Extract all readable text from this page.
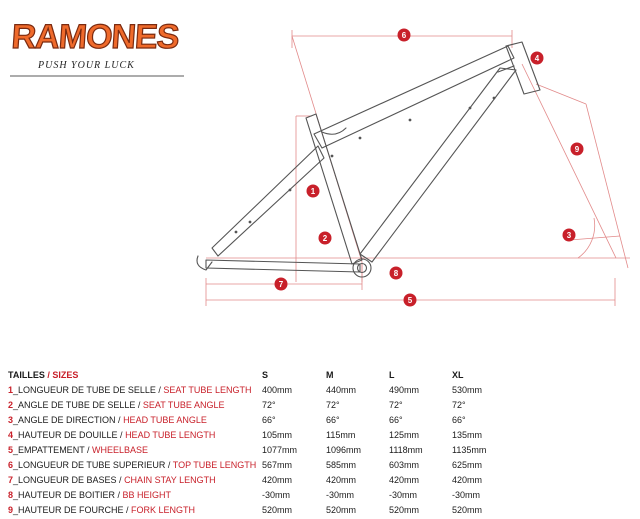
RAMONES
PUSH YOUR LUCK
1
2	3
4
5
6
7
8
9
TAILLES / SIZES	S	M	L	XL
1_LONGUEUR DE TUBE DE SELLE / SEAT TUBE LENGTH	400mm	440mm	490mm	530mm
2_ANGLE DE TUBE DE SELLE / SEAT TUBE ANGLE	72°	72°	72°	72°
3_ANGLE DE DIRECTION / HEAD TUBE ANGLE	66°	66°	66°	66°
4_HAUTEUR DE DOUILLE / HEAD TUBE LENGTH	105mm	115mm	125mm	135mm
5_EMPATTEMENT / WHEELBASE	1077mm	1096mm	1118mm	1135mm
6_LONGUEUR DE TUBE SUPERIEUR / TOP TUBE LENGTH	567mm	585mm	603mm	625mm
7_LONGUEUR DE BASES / CHAIN STAY LENGTH	420mm	420mm	420mm	420mm
8_HAUTEUR DE BOITIER / BB HEIGHT	-30mm	-30mm	-30mm	-30mm
9_HAUTEUR DE FOURCHE / FORK LENGTH	520mm	520mm	520mm	520mm
